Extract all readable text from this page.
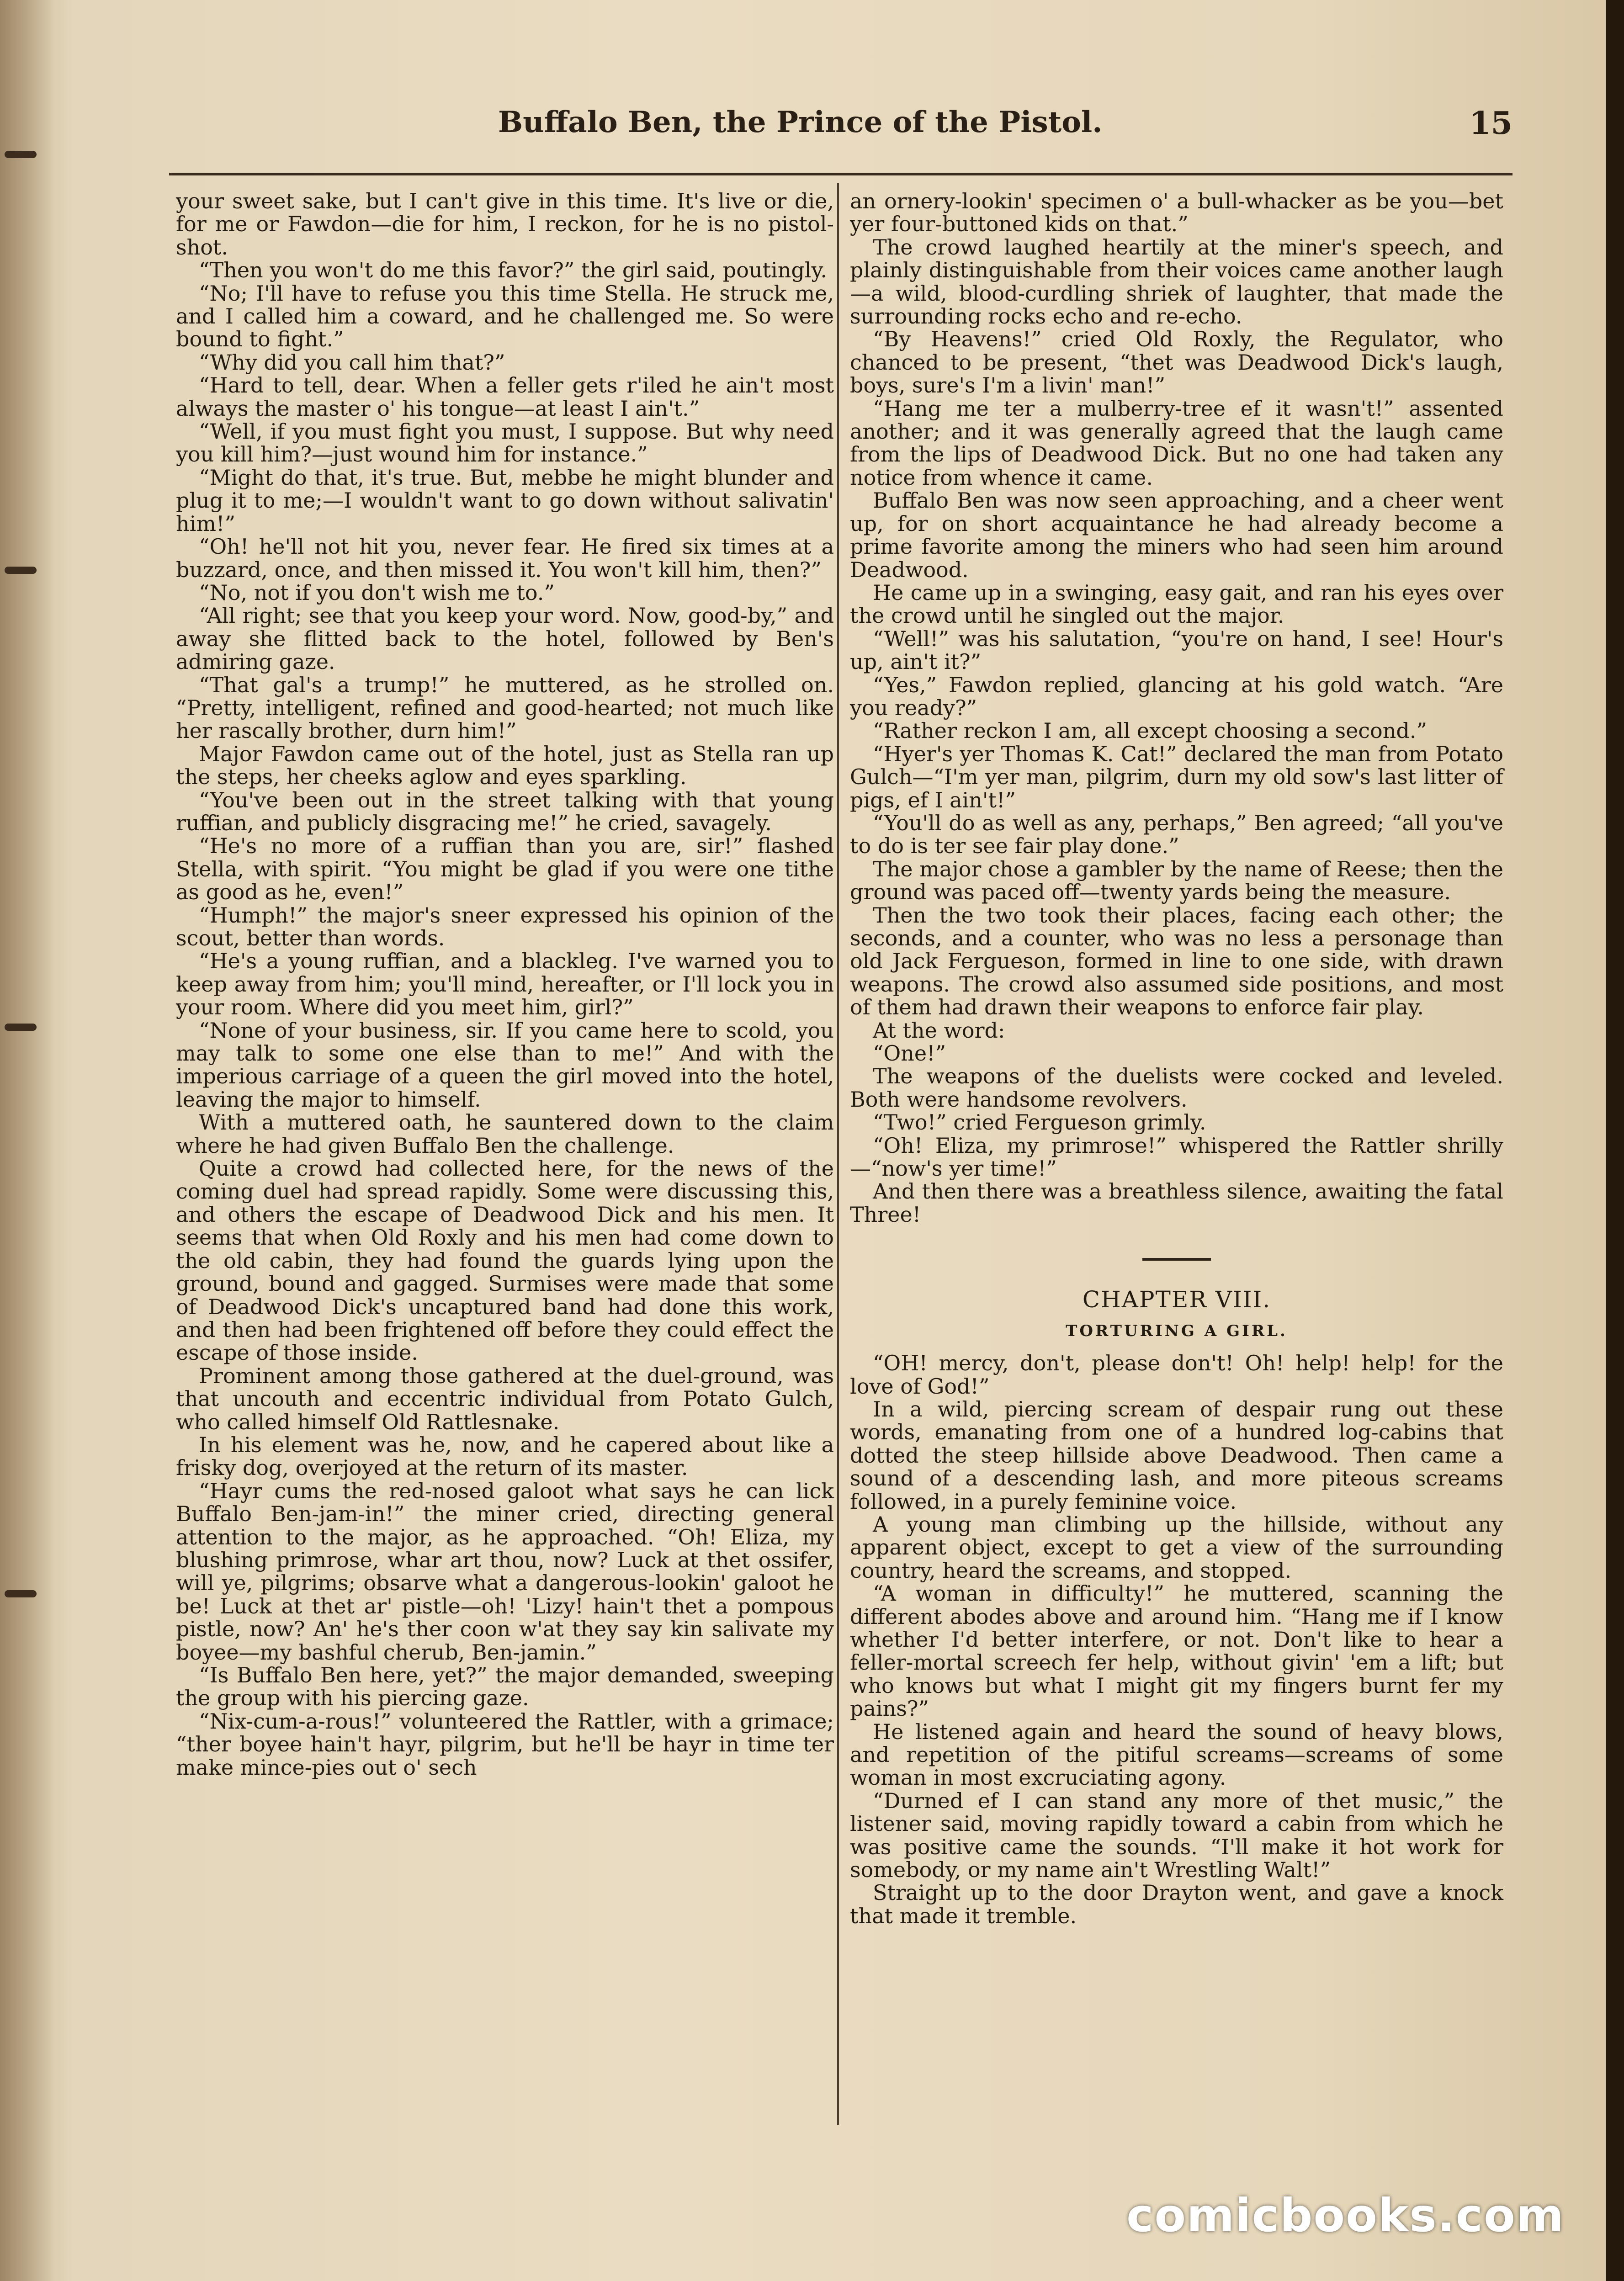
Buffalo Ben, the Prince of the Pistol.	15

your sweet sake, but I can't give in this time. It's live or die, for me or Fawdon—die for him, I reckon, for he is no pistol-shot.

“Then you won't do me this favor?” the girl said, poutingly.

“No; I'll have to refuse you this time Stella. He struck me, and I called him a coward, and he challenged me. So were bound to fight.”

“Why did you call him that?”

“Hard to tell, dear. When a feller gets r'iled he ain't most always the master o' his tongue—at least I ain't.”

“Well, if you must fight you must, I suppose. But why need you kill him?—just wound him for instance.”

“Might do that, it's true. But, mebbe he might blunder and plug it to me;—I wouldn't want to go down without salivatin' him!”

“Oh! he'll not hit you, never fear. He fired six times at a buzzard, once, and then missed it. You won't kill him, then?”

“No, not if you don't wish me to.”

“All right; see that you keep your word. Now, good-by,” and away she flitted back to the hotel, followed by Ben's admiring gaze.

“That gal's a trump!” he muttered, as he strolled on. “Pretty, intelligent, refined and good-hearted; not much like her rascally brother, durn him!”

Major Fawdon came out of the hotel, just as Stella ran up the steps, her cheeks aglow and eyes sparkling.

“You've been out in the street talking with that young ruffian, and publicly disgracing me!” he cried, savagely.

“He's no more of a ruffian than you are, sir!” flashed Stella, with spirit. “You might be glad if you were one tithe as good as he, even!”

“Humph!” the major's sneer expressed his opinion of the scout, better than words.

“He's a young ruffian, and a blackleg. I've warned you to keep away from him; you'll mind, hereafter, or I'll lock you in your room. Where did you meet him, girl?”

“None of your business, sir. If you came here to scold, you may talk to some one else than to me!” And with the imperious carriage of a queen the girl moved into the hotel, leaving the major to himself.

With a muttered oath, he sauntered down to the claim where he had given Buffalo Ben the challenge.

Quite a crowd had collected here, for the news of the coming duel had spread rapidly. Some were discussing this, and others the escape of Deadwood Dick and his men. It seems that when Old Roxly and his men had come down to the old cabin, they had found the guards lying upon the ground, bound and gagged. Surmises were made that some of Deadwood Dick's uncaptured band had done this work, and then had been frightened off before they could effect the escape of those inside.

Prominent among those gathered at the duel-ground, was that uncouth and eccentric individual from Potato Gulch, who called himself Old Rattlesnake.

In his element was he, now, and he capered about like a frisky dog, overjoyed at the return of its master.

“Hayr cums the red-nosed galoot what says he can lick Buffalo Ben-jam-in!” the miner cried, directing general attention to the major, as he approached. “Oh! Eliza, my blushing primrose, whar art thou, now? Luck at thet ossifer, will ye, pilgrims; obsarve what a dangerous-lookin' galoot he be! Luck at thet ar' pistle—oh! 'Lizy! hain't thet a pompous pistle, now? An' he's ther coon w'at they say kin salivate my boyee—my bashful cherub, Ben-jamin.”

“Is Buffalo Ben here, yet?” the major demanded, sweeping the group with his piercing gaze.

“Nix-cum-a-rous!” volunteered the Rattler, with a grimace; “ther boyee hain't hayr, pilgrim, but he'll be hayr in time ter make mince-pies out o' sech

an ornery-lookin' specimen o' a bull-whacker as be you—bet yer four-buttoned kids on that.”

The crowd laughed heartily at the miner's speech, and plainly distinguishable from their voices came another laugh—a wild, blood-curdling shriek of laughter, that made the surrounding rocks echo and re-echo.

“By Heavens!” cried Old Roxly, the Regulator, who chanced to be present, “thet was Deadwood Dick's laugh, boys, sure's I'm a livin' man!”

“Hang me ter a mulberry-tree ef it wasn't!” assented another; and it was generally agreed that the laugh came from the lips of Deadwood Dick. But no one had taken any notice from whence it came.

Buffalo Ben was now seen approaching, and a cheer went up, for on short acquaintance he had already become a prime favorite among the miners who had seen him around Deadwood.

He came up in a swinging, easy gait, and ran his eyes over the crowd until he singled out the major.

“Well!” was his salutation, “you're on hand, I see! Hour's up, ain't it?”

“Yes,” Fawdon replied, glancing at his gold watch. “Are you ready?”

“Rather reckon I am, all except choosing a second.”

“Hyer's yer Thomas K. Cat!” declared the man from Potato Gulch—“I'm yer man, pilgrim, durn my old sow's last litter of pigs, ef I ain't!”

“You'll do as well as any, perhaps,” Ben agreed; “all you've to do is ter see fair play done.”

The major chose a gambler by the name of Reese; then the ground was paced off—twenty yards being the measure.

Then the two took their places, facing each other; the seconds, and a counter, who was no less a personage than old Jack Fergueson, formed in line to one side, with drawn weapons. The crowd also assumed side positions, and most of them had drawn their weapons to enforce fair play.

At the word:

“One!”

The weapons of the duelists were cocked and leveled. Both were handsome revolvers.

“Two!” cried Fergueson grimly.

“Oh! Eliza, my primrose!” whispered the Rattler shrilly—“now's yer time!”

And then there was a breathless silence, awaiting the fatal Three!

CHAPTER VIII.
TORTURING A GIRL.

“OH! mercy, don't, please don't! Oh! help! help! for the love of God!”

In a wild, piercing scream of despair rung out these words, emanating from one of a hundred log-cabins that dotted the steep hillside above Deadwood. Then came a sound of a descending lash, and more piteous screams followed, in a purely feminine voice.

A young man climbing up the hillside, without any apparent object, except to get a view of the surrounding country, heard the screams, and stopped.

“A woman in difficulty!” he muttered, scanning the different abodes above and around him. “Hang me if I know whether I'd better interfere, or not. Don't like to hear a feller-mortal screech fer help, without givin' 'em a lift; but who knows but what I might git my fingers burnt fer my pains?”

He listened again and heard the sound of heavy blows, and repetition of the pitiful screams—screams of some woman in most excruciating agony.

“Durned ef I can stand any more of thet music,” the listener said, moving rapidly toward a cabin from which he was positive came the sounds. “I'll make it hot work for somebody, or my name ain't Wrestling Walt!”

Straight up to the door Drayton went, and gave a knock that made it tremble.

comicbooks.com
